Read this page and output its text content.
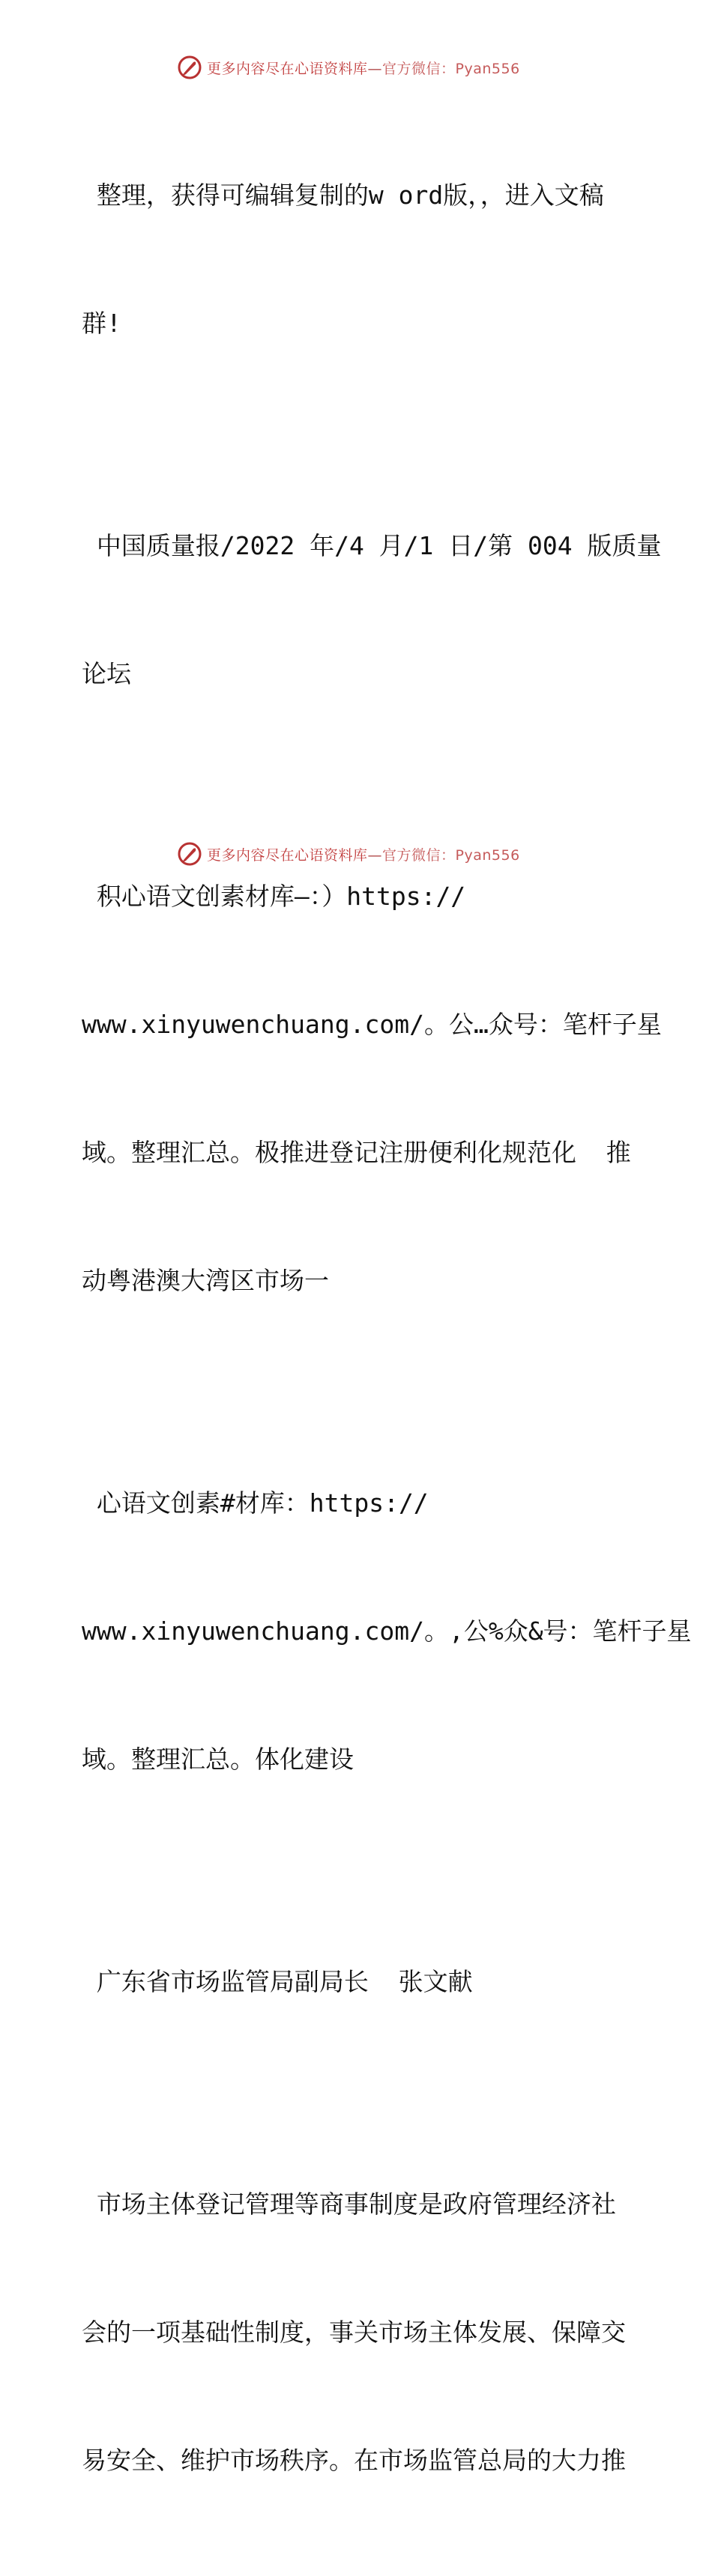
更多内容尽在心语资料库—官方微信：Pyan556

整理，获得可编辑复制的w ord版，，进入文稿

群!

中国质量报/2022 年/4 月/1 日/第 004 版质量

论坛

积心语文创素材库—：）https://

www.xinyuwenchuang.com/。公…众号：笔杆子星

域。整理汇总。极推进登记注册便利化规范化  推

动粤港澳大湾区市场一

心语文创素#材库：https://

www.xinyuwenchuang.com/。,公%众&号：笔杆子星

域。整理汇总。体化建设

广东省市场监管局副局长  张文献

市场主体登记管理等商事制度是政府管理经济社

会的一项基础性制度，事关市场主体发展、保障交

易安全、维护市场秩序。在市场监管总局的大力推

更多内容尽在心语资料库—官方微信：Pyan556
